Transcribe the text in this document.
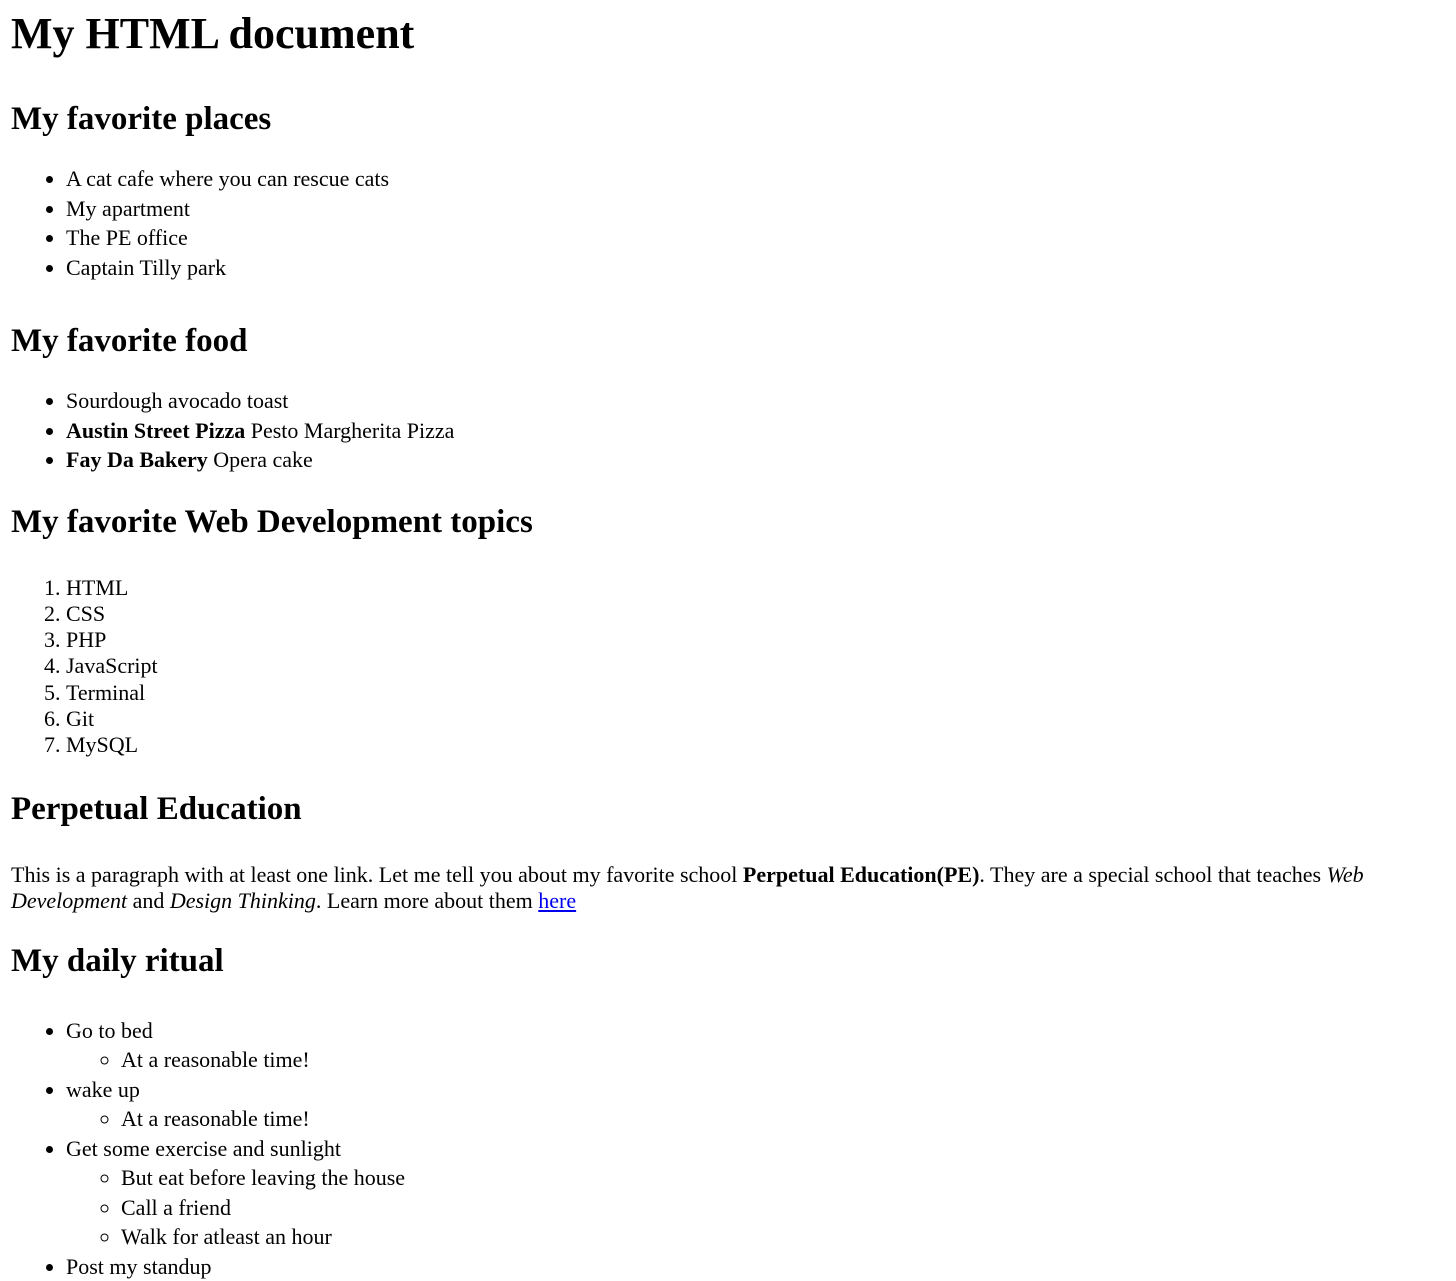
My HTML document
My favorite places
• A cat cafe where you can rescue cats
• My apartment
• The PE office
• Captain Tilly park
My favorite food
• Sourdough avocado toast
• Austin Street Pizza Pesto Margherita Pizza
• Fay Da Bakery Opera cake
My favorite Web Development topics
1. HTML
2. CSS
3. PHP
4. JavaScript
5. Terminal
6. Git
7. MySQL
Perpetual Education

This is a paragraph with at least one link. Let me tell you about my favorite school Perpetual Education(PE). They are a special school that teaches Web Development and Design Thinking. Learn more about them here

My daily ritual
• Go to bed
◦ At a reasonable time!
• wake up
◦ At a reasonable time!
• Get some exercise and sunlight
◦ But eat before leaving the house
◦ Call a friend
◦ Walk for atleast an hour
• Post my standup
